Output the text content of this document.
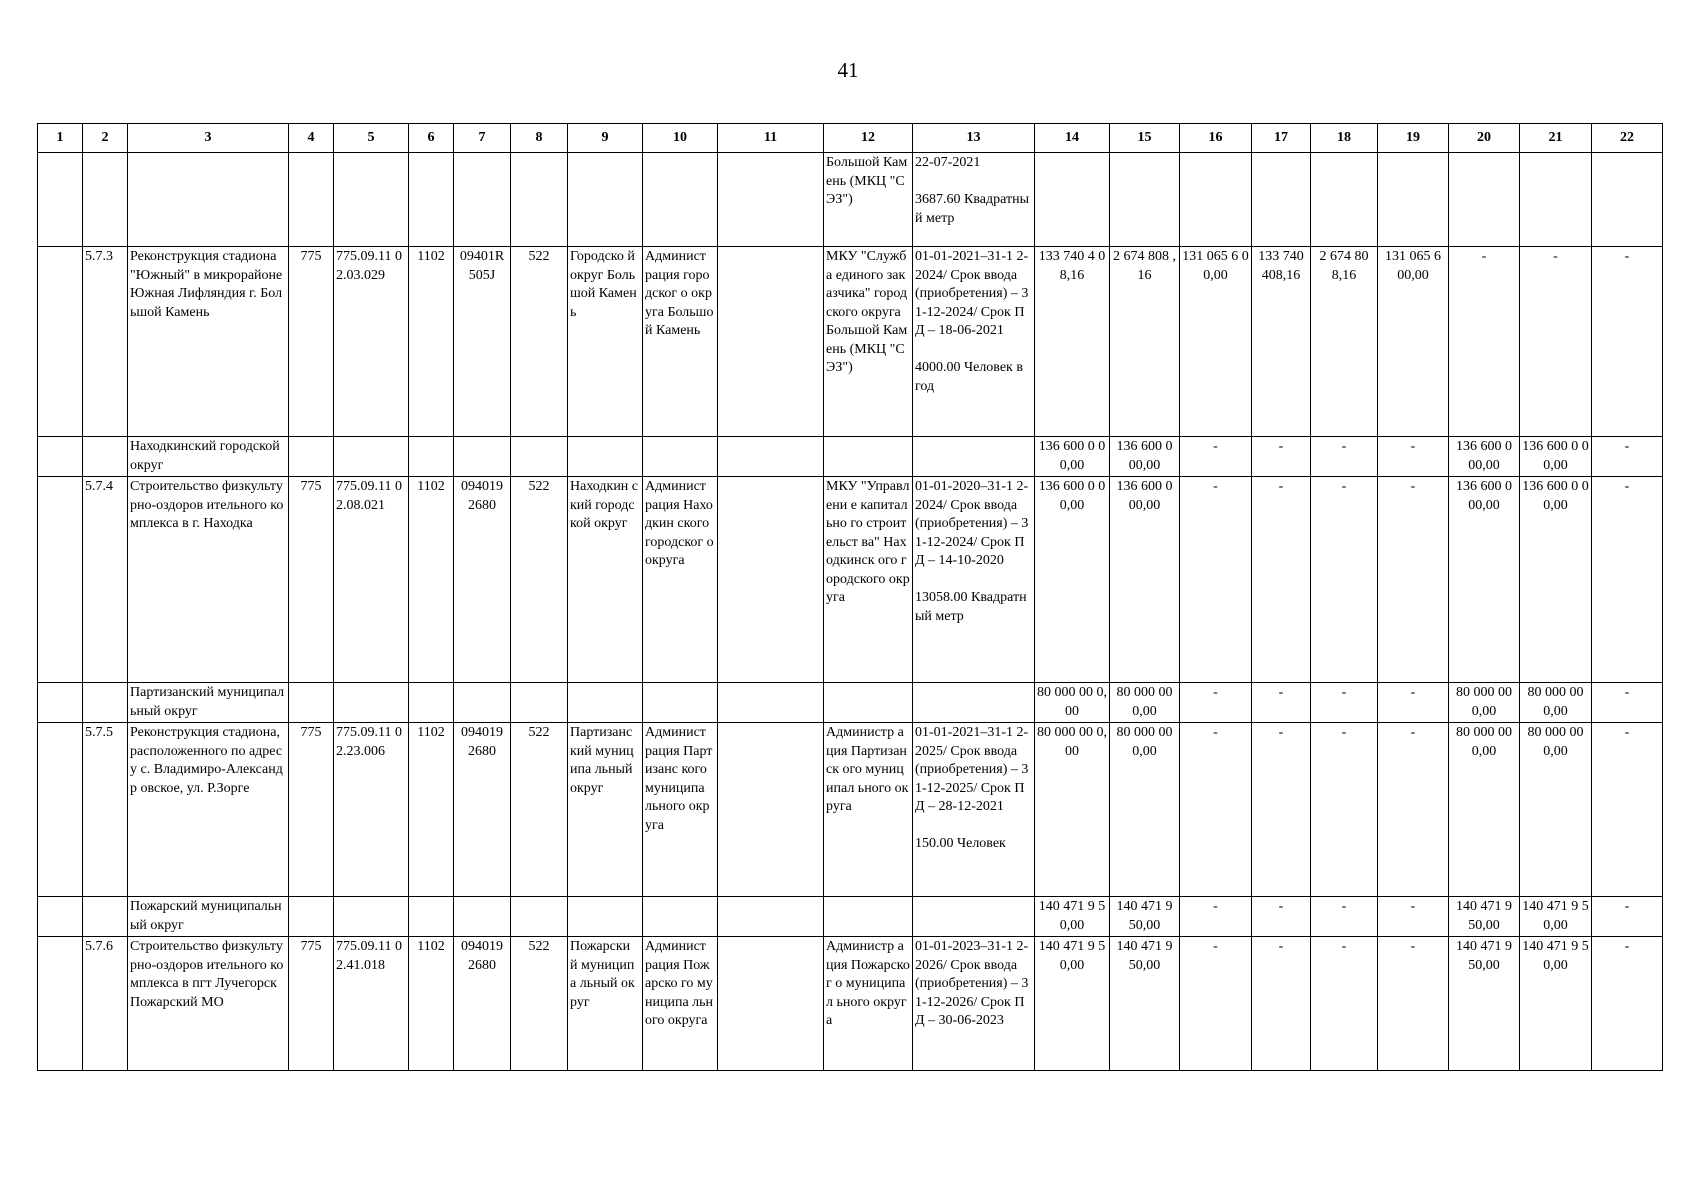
41
1	2	3	4	5	6	7	8	9	10	11	12	13	14	15	16	17	18	19	20	21	22
											Большой Камень (МКЦ "СЭЗ")	22-07-2021

3687.60 Квадратный метр									
	5.7.3	Реконструкция стадиона "Южный" в микрорайоне Южная Лифляндия г. Большой Камень	775	775.09.11 02.03.029	1102	09401R 505J	522	Городско й округ Большой Камень	Админист рация городског о округа Большой Камень		МКУ "Служба единого заказчика" городского округа Большой Камень (МКЦ "СЭЗ")	01-01-2021–31-1 2-2024/ Срок ввода (приобретения) – 31-12-2024/ Срок ПД – 18-06-2021

4000.00 Человек в год	133 740 4 08,16	2 674 808 ,16	131 065 6 00,00	133 740 408,16	2 674 80 8,16	131 065 6 00,00	-	-	-
		Находкинский городской округ											136 600 0 00,00	136 600 0 00,00	-	-	-	-	136 600 0 00,00	136 600 0 00,00	-
	5.7.4	Строительство физкультурно-оздоров ительного комплекса в г. Находка	775	775.09.11 02.08.021	1102	094019 2680	522	Находкин ский городской округ	Админист рация Находкин ского городског о округа		МКУ "Управлени е капитально го строительст ва" Находкинск ого городского округа	01-01-2020–31-1 2-2024/ Срок ввода (приобретения) – 31-12-2024/ Срок ПД – 14-10-2020

13058.00 Квадратный метр	136 600 0 00,00	136 600 0 00,00	-	-	-	-	136 600 0 00,00	136 600 0 00,00	-
		Партизанский муниципальный округ											80 000 00 0,00	80 000 00 0,00	-	-	-	-	80 000 00 0,00	80 000 00 0,00	-
	5.7.5	Реконструкция стадиона, расположенного по адресу с. Владимиро-Александр овское, ул. Р.Зорге	775	775.09.11 02.23.006	1102	094019 2680	522	Партизанс кий муниципа льный округ	Админист рация Партизанс кого муниципа льного округа		Администр ация Партизанск ого муниципал ьного округа	01-01-2021–31-1 2-2025/ Срок ввода (приобретения) – 31-12-2025/ Срок ПД – 28-12-2021

150.00 Человек	80 000 00 0,00	80 000 00 0,00	-	-	-	-	80 000 00 0,00	80 000 00 0,00	-
		Пожарский муниципальный округ											140 471 9 50,00	140 471 9 50,00	-	-	-	-	140 471 9 50,00	140 471 9 50,00	-
	5.7.6	Строительство физкультурно-оздоров ительного комплекса в пгт Лучегорск Пожарский МО	775	775.09.11 02.41.018	1102	094019 2680	522	Пожарски й муниципа льный округ	Админист рация Пожарско го муниципа льного округа		Администр ация Пожарског о муниципал ьного округа	01-01-2023–31-1 2-2026/ Срок ввода (приобретения) – 31-12-2026/ Срок ПД – 30-06-2023	140 471 9 50,00	140 471 9 50,00	-	-	-	-	140 471 9 50,00	140 471 9 50,00	-
